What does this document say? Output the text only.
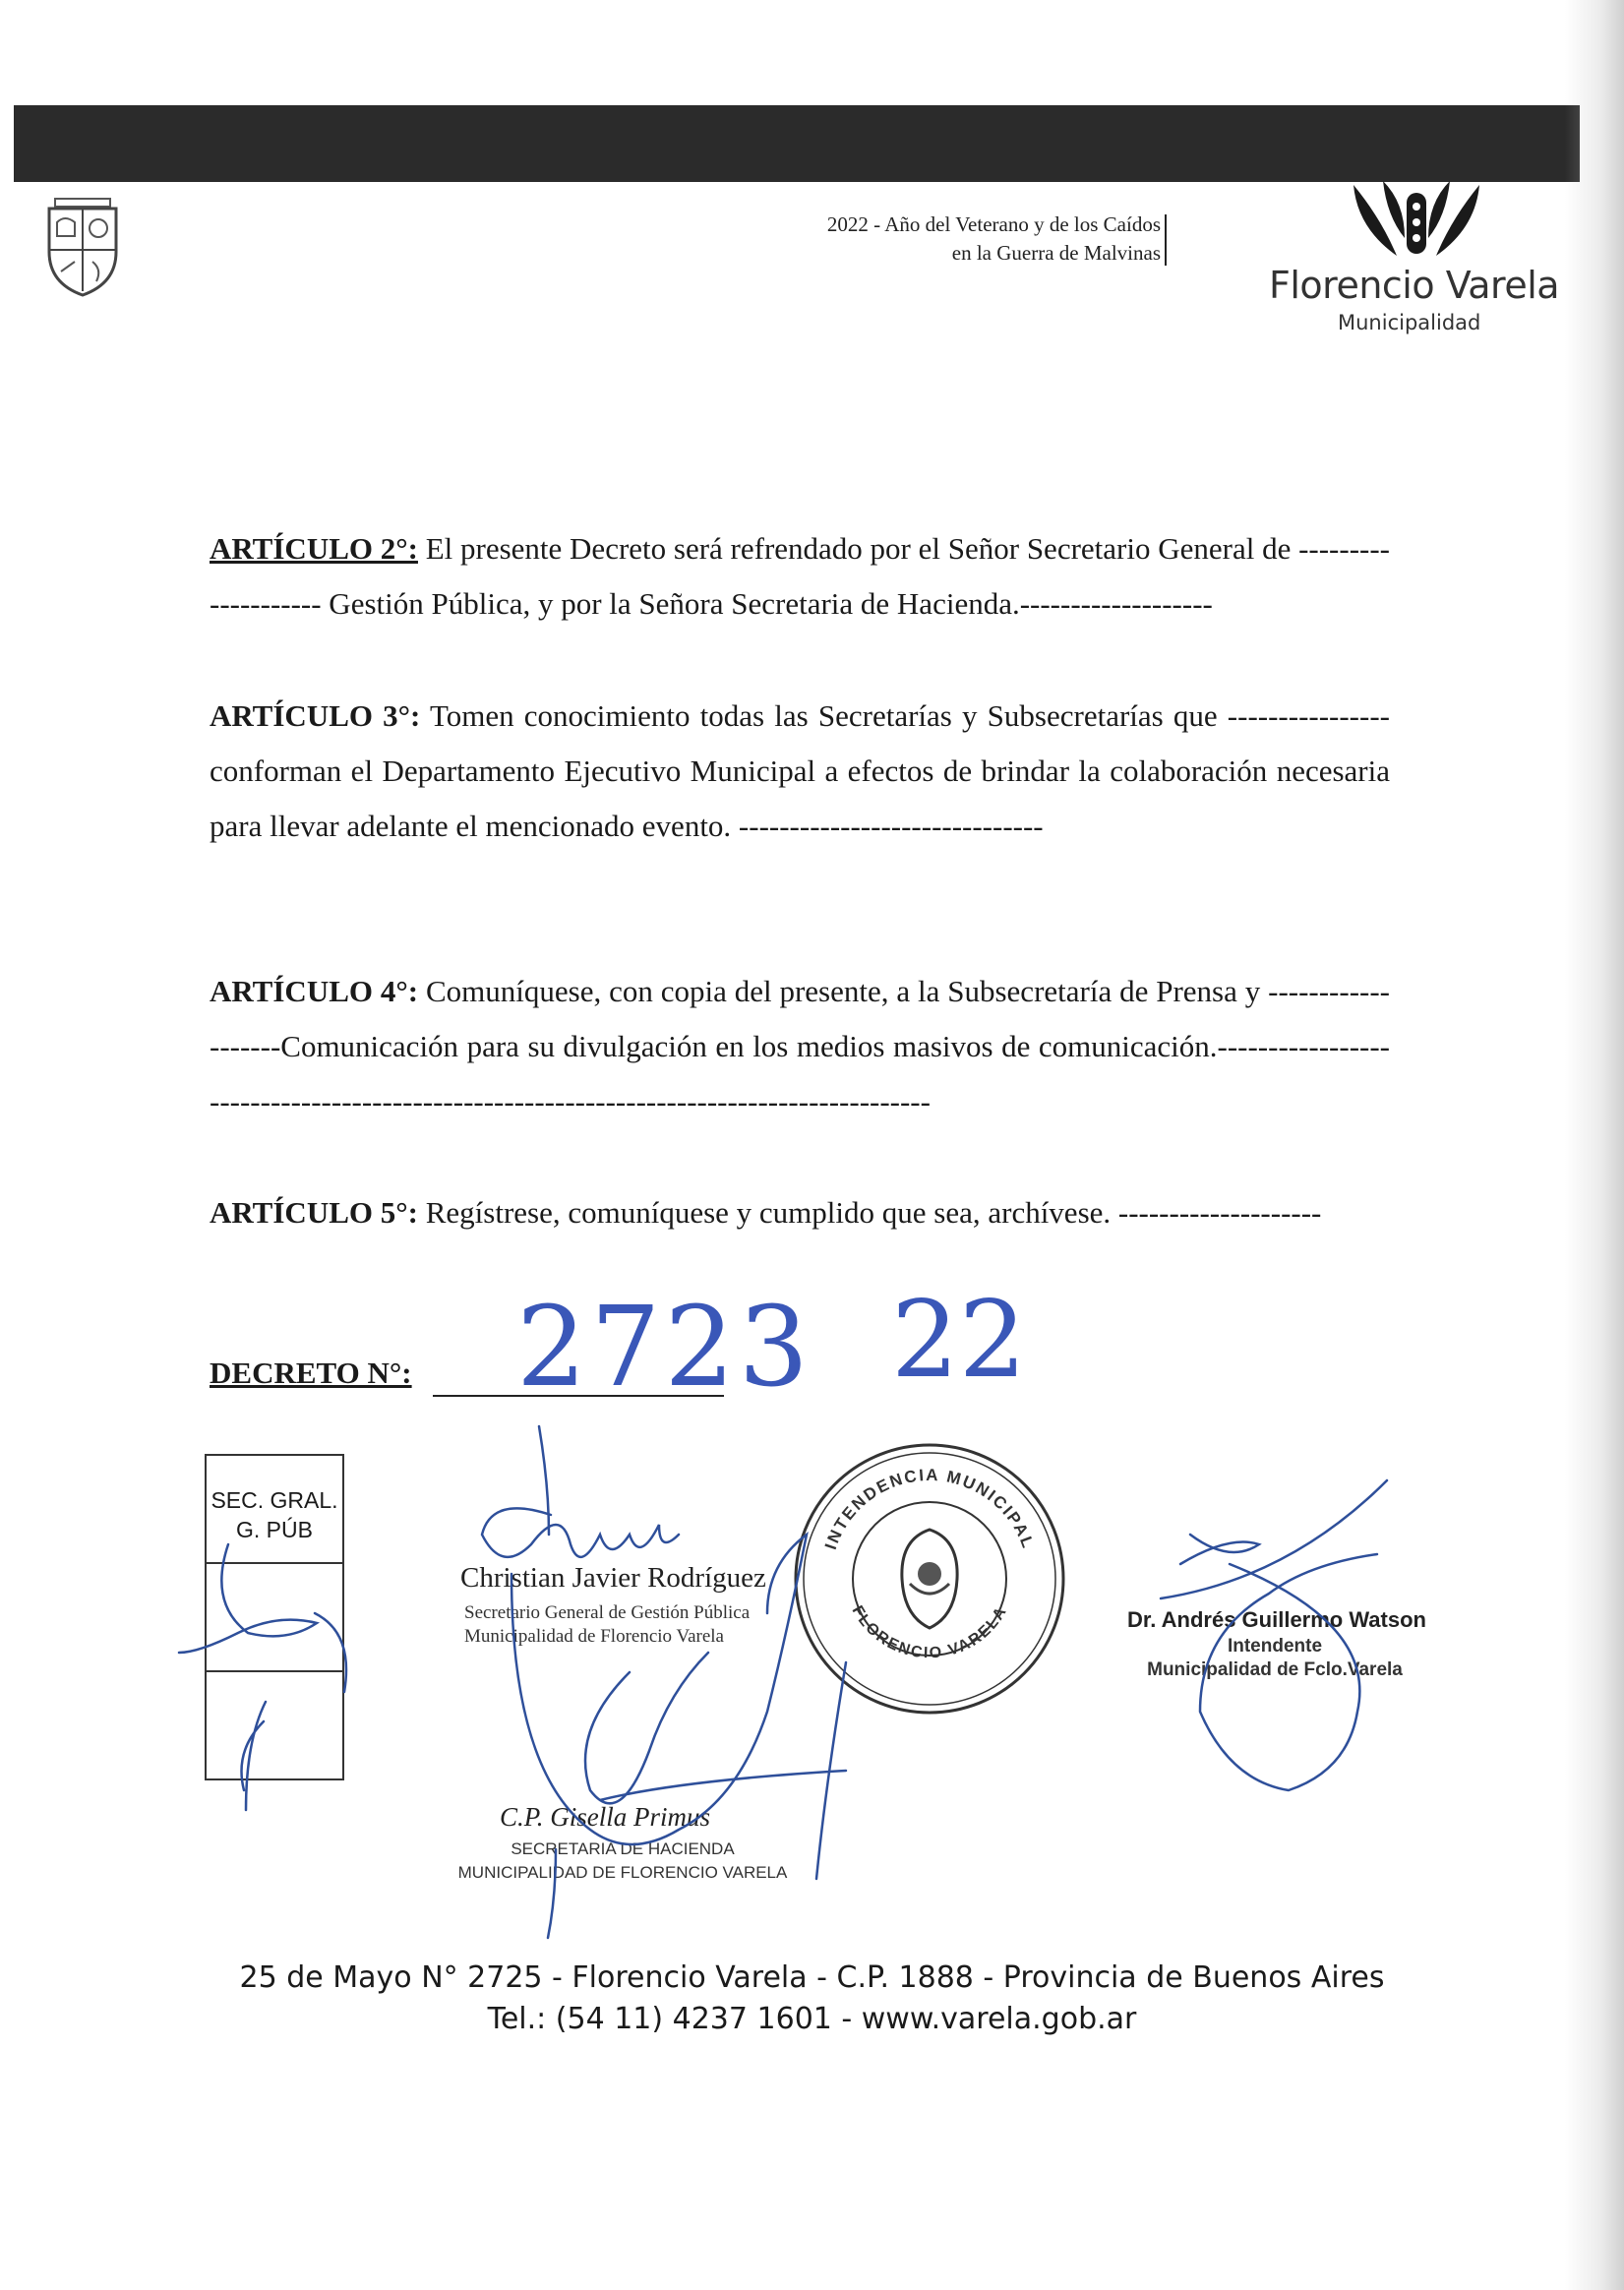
2022 - Año del Veterano y de los Caídos
en la Guerra de Malvinas
Florencio Varela
Municipalidad
ARTÍCULO 2°: El presente Decreto será refrendado por el Señor Secretario General de -------------------- Gestión Pública, y por la Señora Secretaria de Hacienda.-------------------
ARTÍCULO 3°: Tomen conocimiento todas las Secretarías y Subsecretarías que ---------------- conforman el Departamento Ejecutivo Municipal a efectos de brindar la colaboración necesaria para llevar adelante el mencionado evento. ------------------------------
ARTÍCULO 4°: Comuníquese, con copia del presente, a la Subsecretaría de Prensa y -------------------Comunicación para su divulgación en los medios masivos de comunicación.----------------------------------------------------------------------------------------
ARTÍCULO 5°: Regístrese, comuníquese y cumplido que sea, archívese. --------------------
DECRETO N°: 2723 22
SEC. GRAL.
G. PÚB
Christian Javier Rodríguez
Secretario General de Gestión Pública
Municipalidad de Florencio Varela
INTENDENCIA MUNICIPAL
FLORENCIO VARELA	Dr. Andrés Guillermo Watson
Intendente
Municipalidad de Fclo.Varela
C.P. Gisella Primus
SECRETARIA DE HACIENDA
MUNICIPALIDAD DE FLORENCIO VARELA
25 de Mayo N° 2725 - Florencio Varela - C.P. 1888 - Provincia de Buenos Aires
Tel.: (54 11) 4237 1601 - www.varela.gob.ar
